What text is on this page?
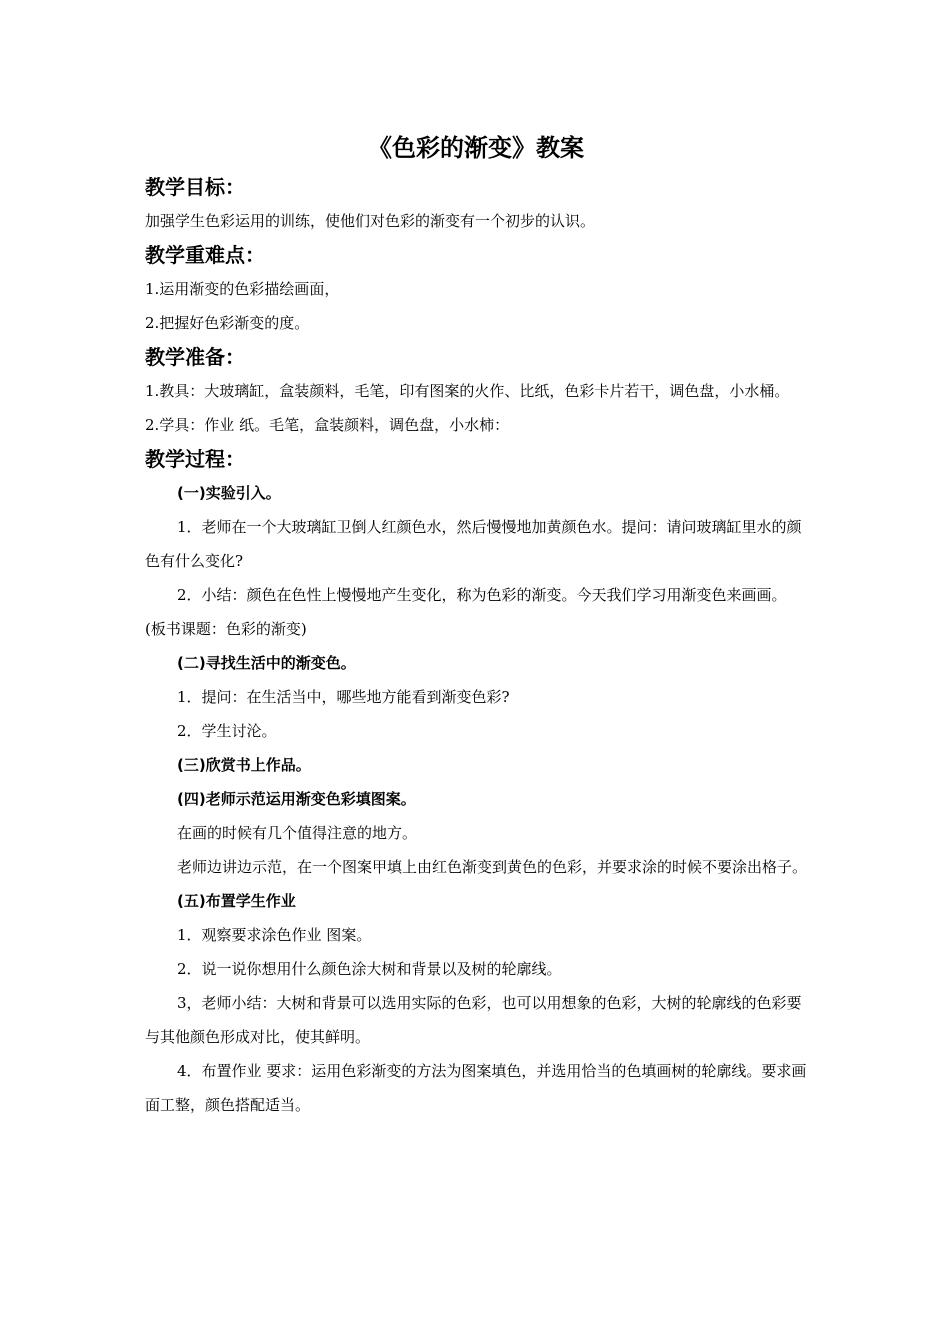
《色彩的渐变》教案
教学目标：

加强学生色彩运用的训练，使他们对色彩的渐变有一个初步的认识。

教学重难点：

1.运用渐变的色彩描绘画面，

2.把握好色彩渐变的度。

教学准备：

1.教具：大玻璃缸，盒装颜料，毛笔，印有图案的火作、比纸，色彩卡片若干，调色盘，小水桶。

2.学具：作业 纸。毛笔，盒装颜料，调色盘，小水柿：

教学过程：

(一)实验引入。

1．老师在一个大玻璃缸卫倒人红颜色水，然后慢慢地加黄颜色水。提问：请问玻璃缸里水的颜色有什么变化?

2．小结：颜色在色性上慢慢地产生变化，称为色彩的渐变。今天我们学习用渐变色来画画。(板书课题：色彩的渐变)

(二)寻找生活中的渐变色。

1．提问：在生活当中，哪些地方能看到渐变色彩?

2．学生讨沦。

(三)欣赏书上作品。

(四)老师示范运用渐变色彩填图案。

在画的时候有几个值得注意的地方。

老师边讲边示范，在一个图案甲填上由红色渐变到黄色的色彩，并要求涂的时候不要涂出格子。

(五)布置学生作业

1．观察要求涂色作业 图案。

2．说一说你想用什么颜色涂大树和背景以及树的轮廓线。

3，老师小结：大树和背景可以选用实际的色彩，也可以用想象的色彩，大树的轮廓线的色彩要与其他颜色形成对比，使其鲜明。

4．布置作业 要求：运用色彩渐变的方法为图案填色，并选用恰当的色填画树的轮廓线。要求画面工整，颜色搭配适当。
